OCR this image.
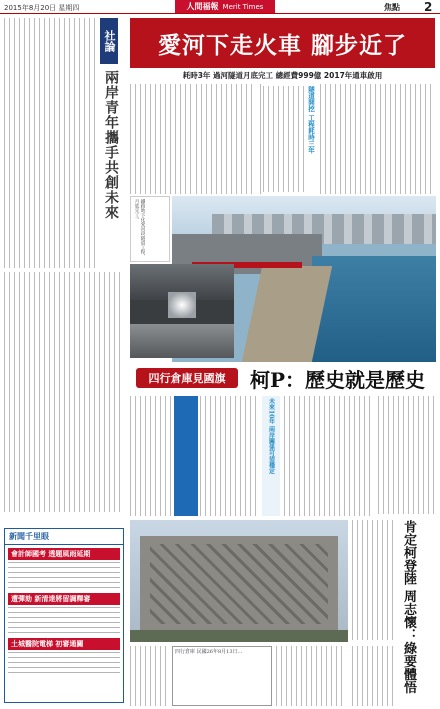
2015年8月20日 星期四	人間福報 Merit Times	焦點 2
社論
兩岸青年攜手共創未來
新聞千里眼
會計師國考 透題風雨延期
遭彈劾 新清達將留調釋審
土城醫院電梯 初審通關
愛河下走火車 腳步近了
耗時3年 過河隧道月底完工 總經費999億 2017年通車啟用
隧道開挖 工程耗時三年
鐵路地下化愛河段隧道工程，月底完工。
四行倉庫見國旗 柯P：歷史就是歷史
未來10年 兩岸關係可望穩定
肯定柯登陸 周志懷：綠要體悟
四行倉庫 民國26年8月13日...
